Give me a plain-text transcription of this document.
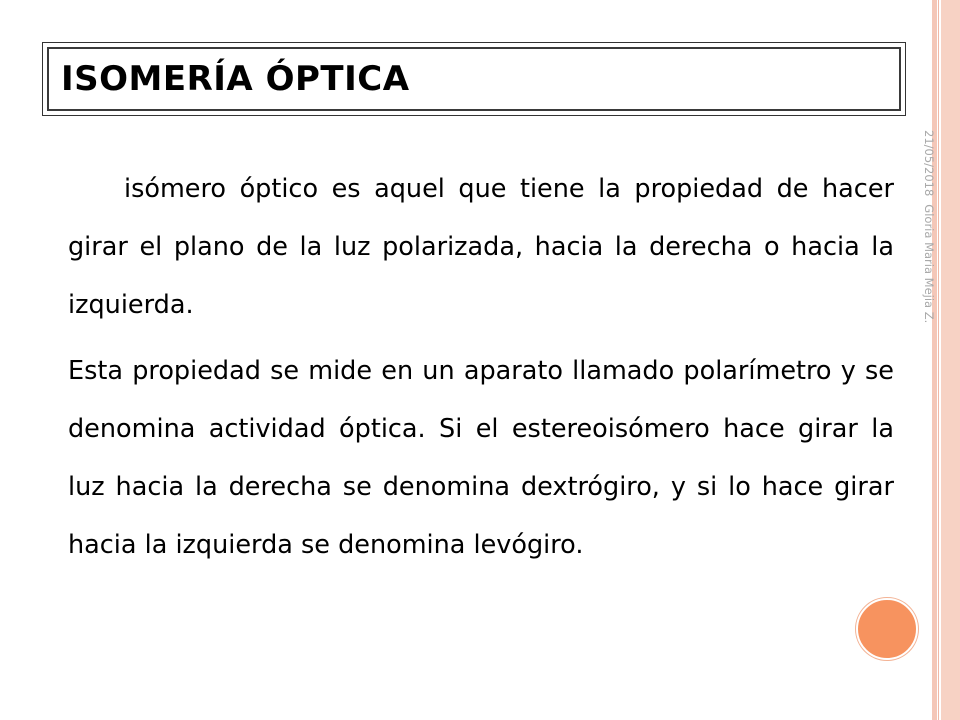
ISOMERÍA ÓPTICA
21/05/2018Gloria Maria Mejia Z.

isómero óptico es aquel que tiene la propiedad de hacer girar el plano de la luz polarizada, hacia la derecha o hacia la izquierda.

Esta propiedad se mide en un aparato llamado polarímetro y se denomina actividad óptica. Si el estereoisómero hace girar la luz hacia la derecha se denomina dextrógiro, y si lo hace girar hacia la izquierda se denomina levógiro.
